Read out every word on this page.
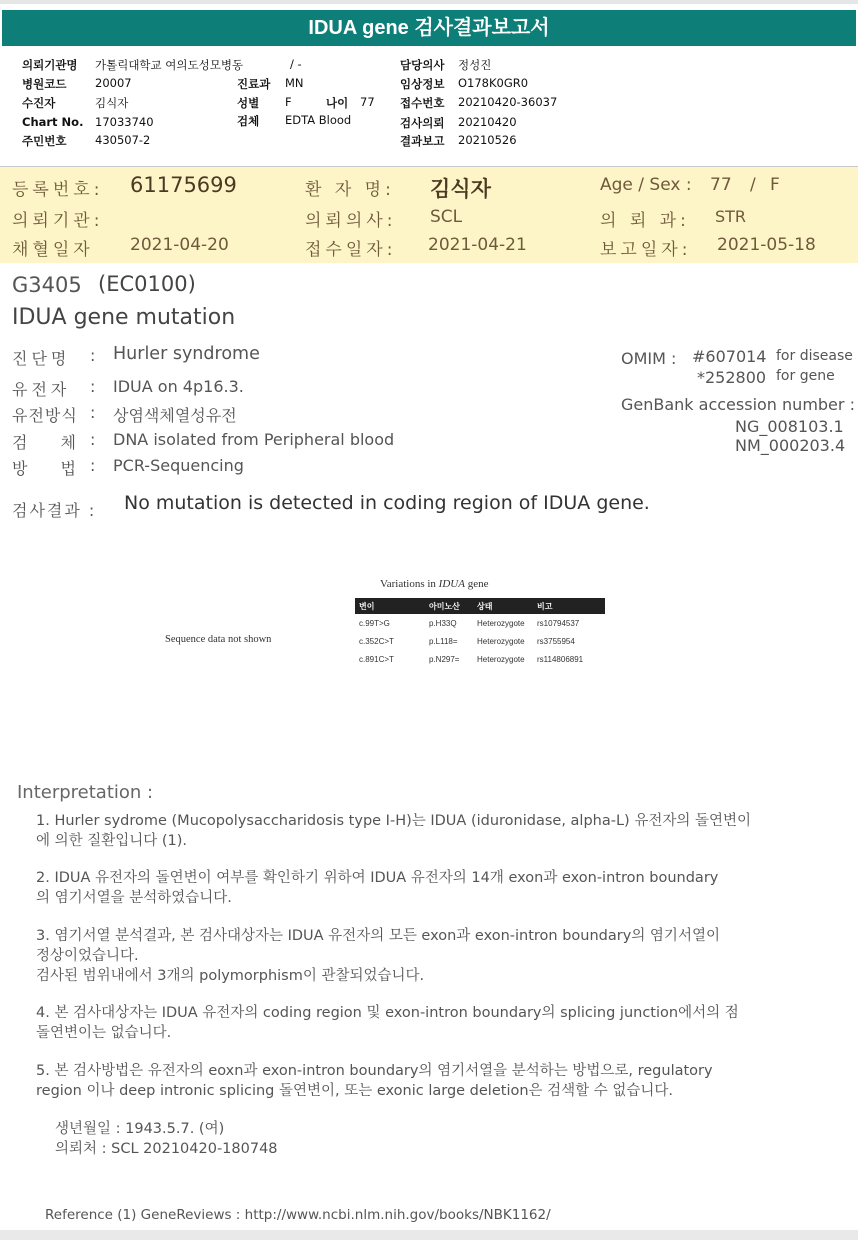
IDUA gene 검사결과보고서
의뢰기관명 가톨릭대학교 여의도성모병동	/ -	담당의사 정성진
병원코드 20007	진료과 MN	임상정보 O178K0GR0
수진자	김식자	성별 F	나이 77 접수번호 20210420-36037
Chart No. 17033740	검체 EDTA Blood	검사의뢰 20210420
주민번호 430507-2	결과보고 20210526
등록번호: 61175699	환 자 명: 김식자	Age / Sex : 77 / F
의뢰기관:	의뢰의사: SCL	의 뢰 과: STR
채혈일자 2021-04-20	접수일자: 2021-04-21	보고일자: 2021-05-18
G3405 (EC0100)
IDUA gene mutation
진단명 : Hurler syndrome
유전자 : IDUA on 4p16.3.
유전방식 : 상염색체열성유전
검 체 : DNA isolated from Peripheral blood
방 법 : PCR-Sequencing
OMIM : #607014 for disease
*252800 for gene
GenBank accession number :
NG_008103.1
NM_000203.4
검사결과 : No mutation is detected in coding region of IDUA gene.
Variations in IDUA gene
Sequence data not shown
변이	아미노산	상태	비고
c.99T>G	p.H33Q	Heterozygote	rs10794537
c.352C>T	p.L118=	Heterozygote	rs3755954
c.891C>T	p.N297=	Heterozygote	rs114806891
Interpretation :
1. Hurler sydrome (Mucopolysaccharidosis type I-H)는 IDUA (iduronidase, alpha-L) 유전자의 돌연변이
에 의한 질환입니다 (1).
2. IDUA 유전자의 돌연변이 여부를 확인하기 위하여 IDUA 유전자의 14개 exon과 exon-intron boundary
의 염기서열을 분석하였습니다.
3. 염기서열 분석결과, 본 검사대상자는 IDUA 유전자의 모든 exon과 exon-intron boundary의 염기서열이
정상이었습니다.
검사된 범위내에서 3개의 polymorphism이 관찰되었습니다.
4. 본 검사대상자는 IDUA 유전자의 coding region 및 exon-intron boundary의 splicing junction에서의 점
돌연변이는 없습니다.
5. 본 검사방법은 유전자의 eoxn과 exon-intron boundary의 염기서열을 분석하는 방법으로, regulatory
region 이나 deep intronic splicing 돌연변이, 또는 exonic large deletion은 검색할 수 없습니다.
생년월일 : 1943.5.7. (여)
의뢰처 : SCL 20210420-180748
Reference (1) GeneReviews : http://www.ncbi.nlm.nih.gov/books/NBK1162/
